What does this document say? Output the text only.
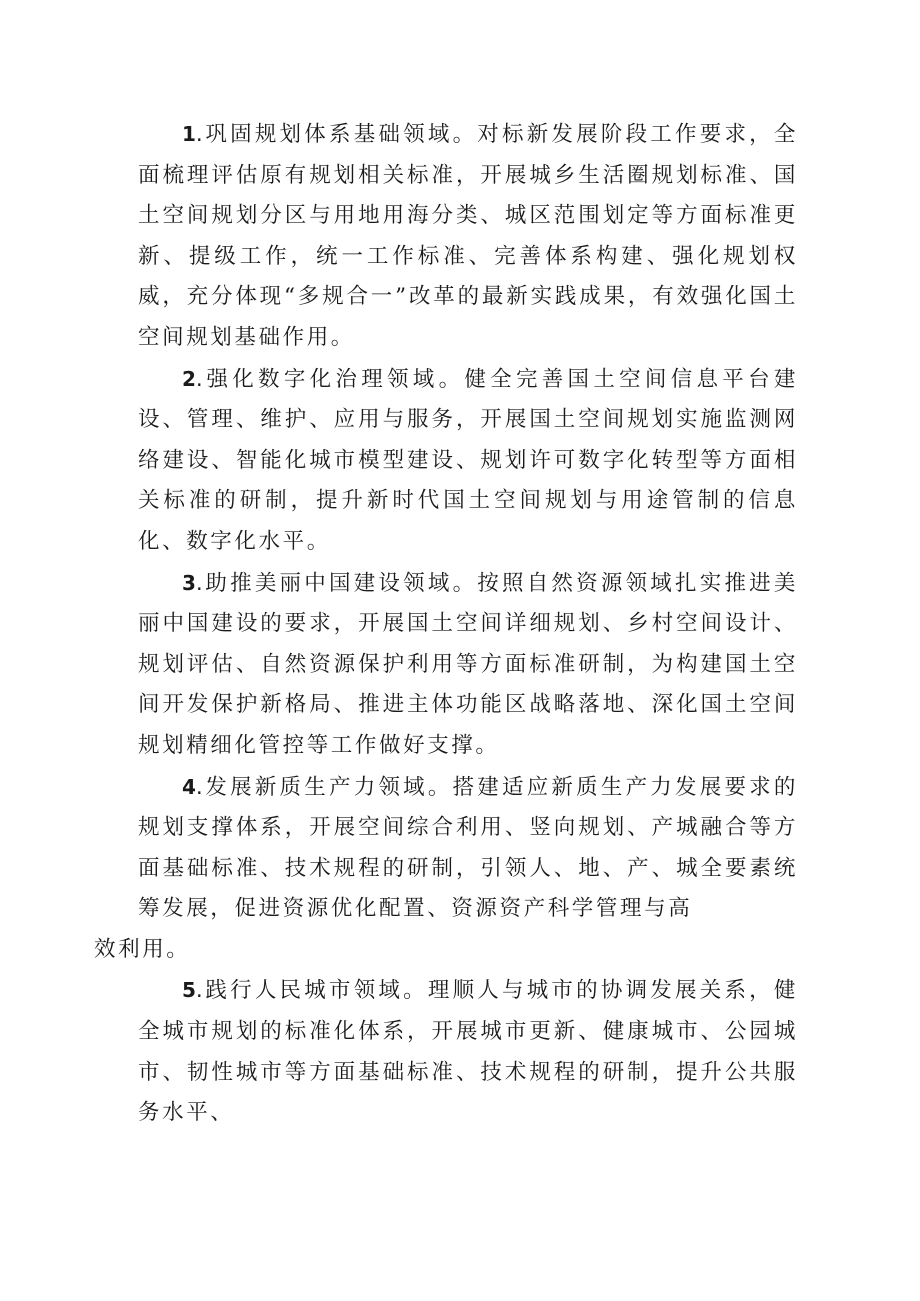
1.巩固规划体系基础领域。对标新发展阶段工作要求，全面梳理评估原有规划相关标准，开展城乡生活圈规划标准、国土空间规划分区与用地用海分类、城区范围划定等方面标准更新、提级工作，统一工作标准、完善体系构建、强化规划权威，充分体现“多规合一”改革的最新实践成果，有效强化国土空间规划基础作用。

2.强化数字化治理领域。健全完善国土空间信息平台建设、管理、维护、应用与服务，开展国土空间规划实施监测网络建设、智能化城市模型建设、规划许可数字化转型等方面相关标准的研制，提升新时代国土空间规划与用途管制的信息化、数字化水平。

3.助推美丽中国建设领域。按照自然资源领域扎实推进美丽中国建设的要求，开展国土空间详细规划、乡村空间设计、规划评估、自然资源保护利用等方面标准研制，为构建国土空间开发保护新格局、推进主体功能区战略落地、深化国土空间规划精细化管控等工作做好支撑。

4.发展新质生产力领域。搭建适应新质生产力发展要求的规划支撑体系，开展空间综合利用、竖向规划、产城融合等方面基础标准、技术规程的研制，引领人、地、产、城全要素统筹发展，促进资源优化配置、资源资产科学管理与高
效利用。

5.践行人民城市领域。理顺人与城市的协调发展关系，健全城市规划的标准化体系，开展城市更新、健康城市、公园城市、韧性城市等方面基础标准、技术规程的研制，提升公共服务水平、
